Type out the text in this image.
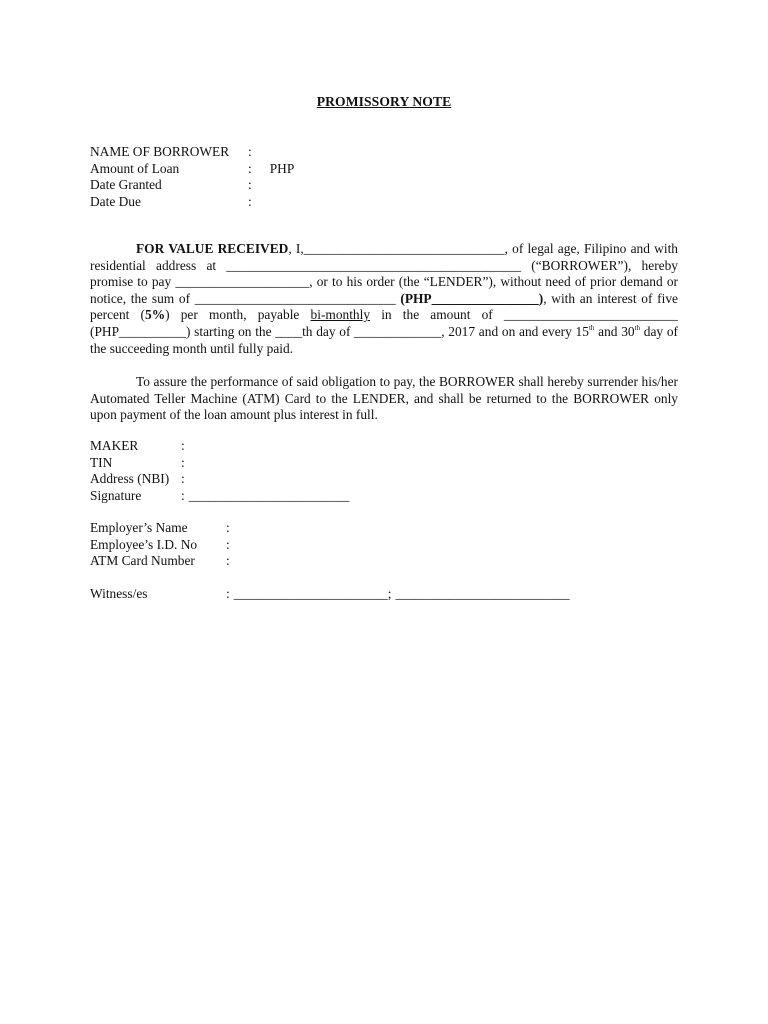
PROMISSORY NOTE
NAME OF BORROWER	:
Amount of Loan	: PHP
Date Granted	:
Date Due	:
FOR VALUE RECEIVED, I,______________________________, of legal age, Filipino and with residential address at ____________________________________________ (“BORROWER”), hereby promise to pay ____________________, or to his order (the “LENDER”), without need of prior demand or notice, the sum of ______________________________ (PHP________________), with an interest of five percent (5%) per month, payable bi-monthly in the amount of __________________________ (PHP__________) starting on the ____th day of _____________, 2017 and on and every 15th and 30th day of the succeeding month until fully paid.
To assure the performance of said obligation to pay, the BORROWER shall hereby surrender his/her Automated Teller Machine (ATM) Card to the LENDER, and shall be returned to the BORROWER only upon payment of the loan amount plus interest in full.
MAKER	:
TIN	:
Address (NBI) :
Signature	: ________________________
Employer’s Name	:
Employee’s I.D. No	:
ATM Card Number	:
Witness/es	: _______________________ ; __________________________
